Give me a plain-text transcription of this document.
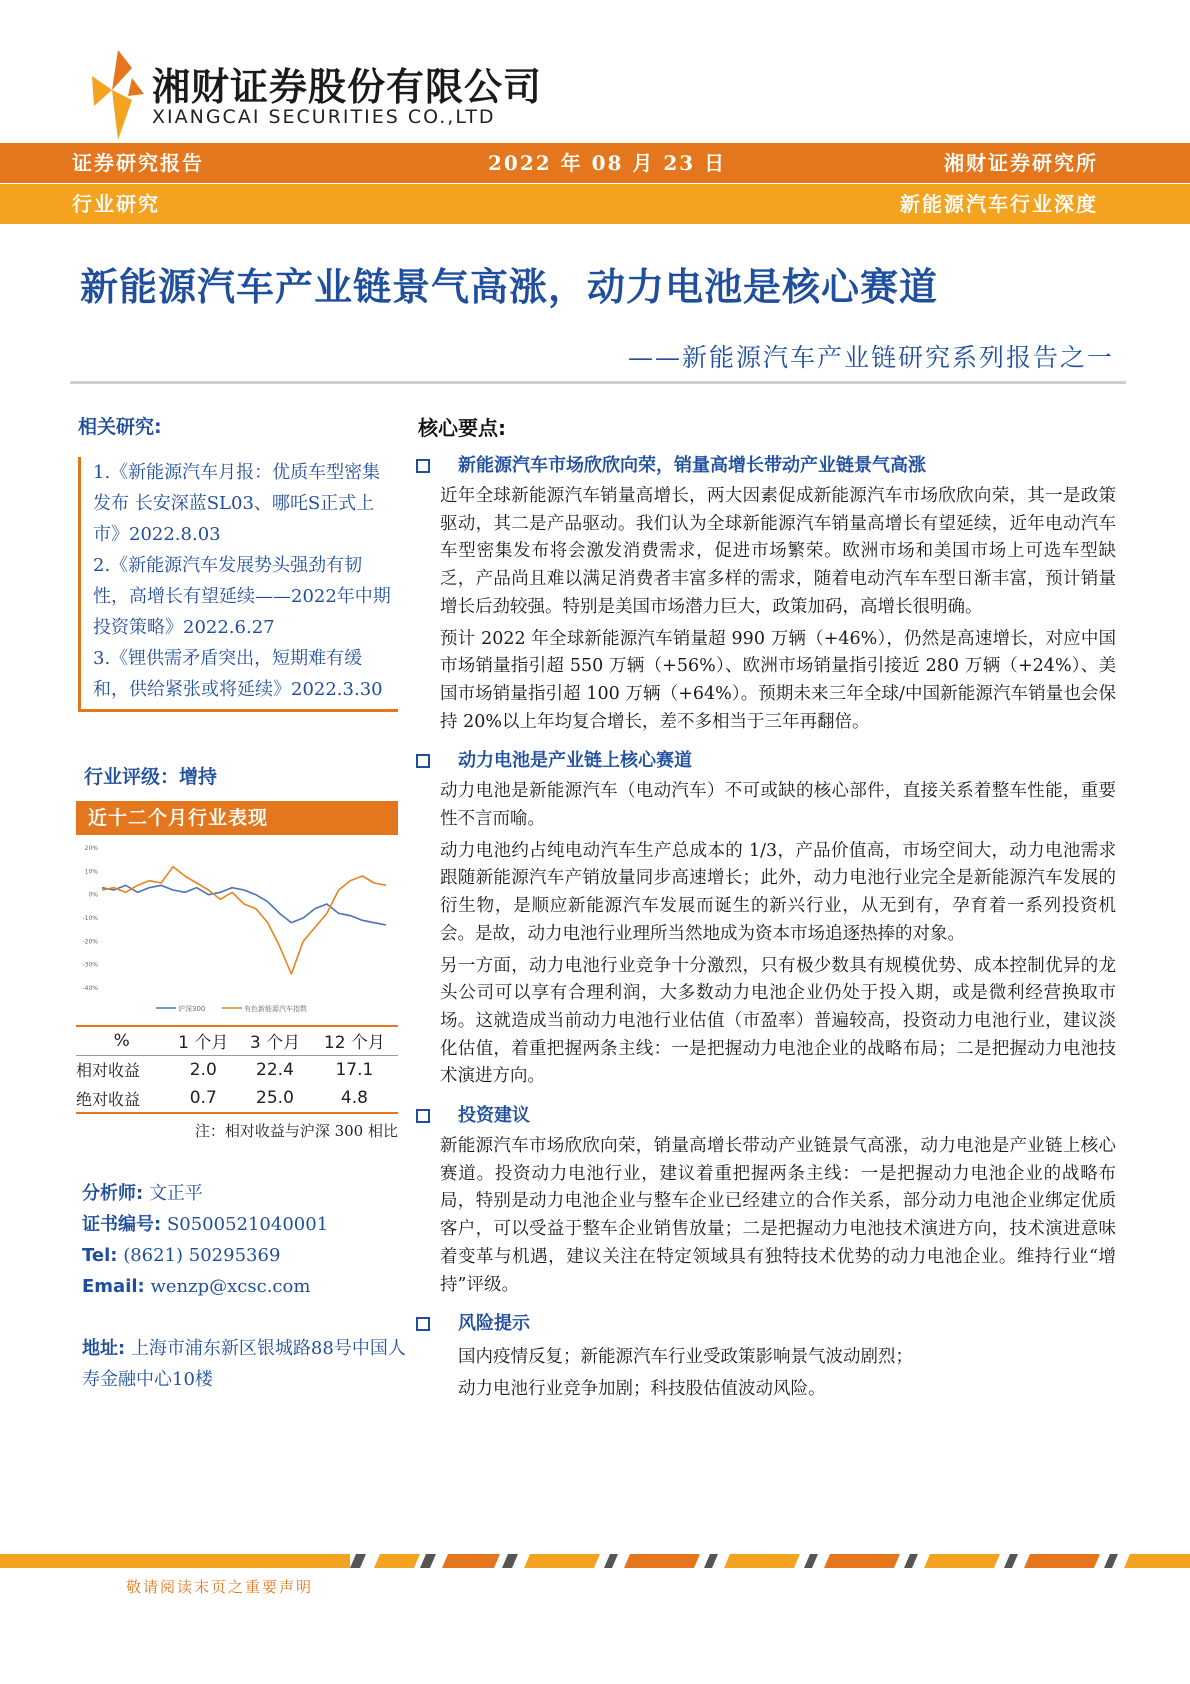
湘财证券股份有限公司
XIANGCAI SECURITIES CO.,LTD
证券研究报告	2022 年 08 月 23 日	湘财证券研究所
行业研究	新能源汽车行业深度
新能源汽车产业链景气高涨，动力电池是核心赛道
——新能源汽车产业链研究系列报告之一
相关研究:
1.《新能源汽车月报：优质车型密集发布 长安深蓝SL03、哪吒S正式上市》2022.8.03
2.《新能源汽车发展势头强劲有韧性，高增长有望延续——2022年中期投资策略》2022.6.27
3.《锂供需矛盾突出，短期难有缓和，供给紧张或将延续》2022.3.30
行业评级：增持
近十二个月行业表现
20%
10%
0%
-10%
-20%
-30%
-40%
沪深300	有色新能源汽车指数
%	1 个月	3 个月	12 个月
相对收益	2.0	22.4	17.1
绝对收益	0.7	25.0	4.8
注：相对收益与沪深 300 相比
分析师: 文正平
证书编号: S0500521040001
Tel: (8621) 50295369
Email: wenzp@xcsc.com
地址: 上海市浦东新区银城路88号中国人寿金融中心10楼
核心要点:
新能源汽车市场欣欣向荣，销量高增长带动产业链景气高涨

近年全球新能源汽车销量高增长，两大因素促成新能源汽车市场欣欣向荣，其一是政策驱动，其二是产品驱动。我们认为全球新能源汽车销量高增长有望延续，近年电动汽车车型密集发布将会激发消费需求，促进市场繁荣。欧洲市场和美国市场上可选车型缺乏，产品尚且难以满足消费者丰富多样的需求，随着电动汽车车型日渐丰富，预计销量增长后劲较强。特别是美国市场潜力巨大，政策加码，高增长很明确。

预计 2022 年全球新能源汽车销量超 990 万辆（+46%），仍然是高速增长，对应中国市场销量指引超 550 万辆（+56%）、欧洲市场销量指引接近 280 万辆（+24%）、美国市场销量指引超 100 万辆（+64%）。预期未来三年全球/中国新能源汽车销量也会保持 20%以上年均复合增长，差不多相当于三年再翻倍。

动力电池是产业链上核心赛道

动力电池是新能源汽车（电动汽车）不可或缺的核心部件，直接关系着整车性能，重要性不言而喻。

动力电池约占纯电动汽车生产总成本的 1/3，产品价值高，市场空间大，动力电池需求跟随新能源汽车产销放量同步高速增长；此外，动力电池行业完全是新能源汽车发展的衍生物，是顺应新能源汽车发展而诞生的新兴行业，从无到有，孕育着一系列投资机会。是故，动力电池行业理所当然地成为资本市场追逐热捧的对象。

另一方面，动力电池行业竞争十分激烈，只有极少数具有规模优势、成本控制优异的龙头公司可以享有合理利润，大多数动力电池企业仍处于投入期，或是微利经营换取市场。这就造成当前动力电池行业估值（市盈率）普遍较高，投资动力电池行业，建议淡化估值，着重把握两条主线：一是把握动力电池企业的战略布局；二是把握动力电池技术演进方向。

投资建议

新能源汽车市场欣欣向荣，销量高增长带动产业链景气高涨，动力电池是产业链上核心赛道。投资动力电池行业，建议着重把握两条主线：一是把握动力电池企业的战略布局，特别是动力电池企业与整车企业已经建立的合作关系，部分动力电池企业绑定优质客户，可以受益于整车企业销售放量；二是把握动力电池技术演进方向，技术演进意味着变革与机遇，建议关注在特定领域具有独特技术优势的动力电池企业。维持行业“增持”评级。

风险提示
国内疫情反复；新能源汽车行业受政策影响景气波动剧烈；
动力电池行业竞争加剧；科技股估值波动风险。
敬请阅读末页之重要声明
